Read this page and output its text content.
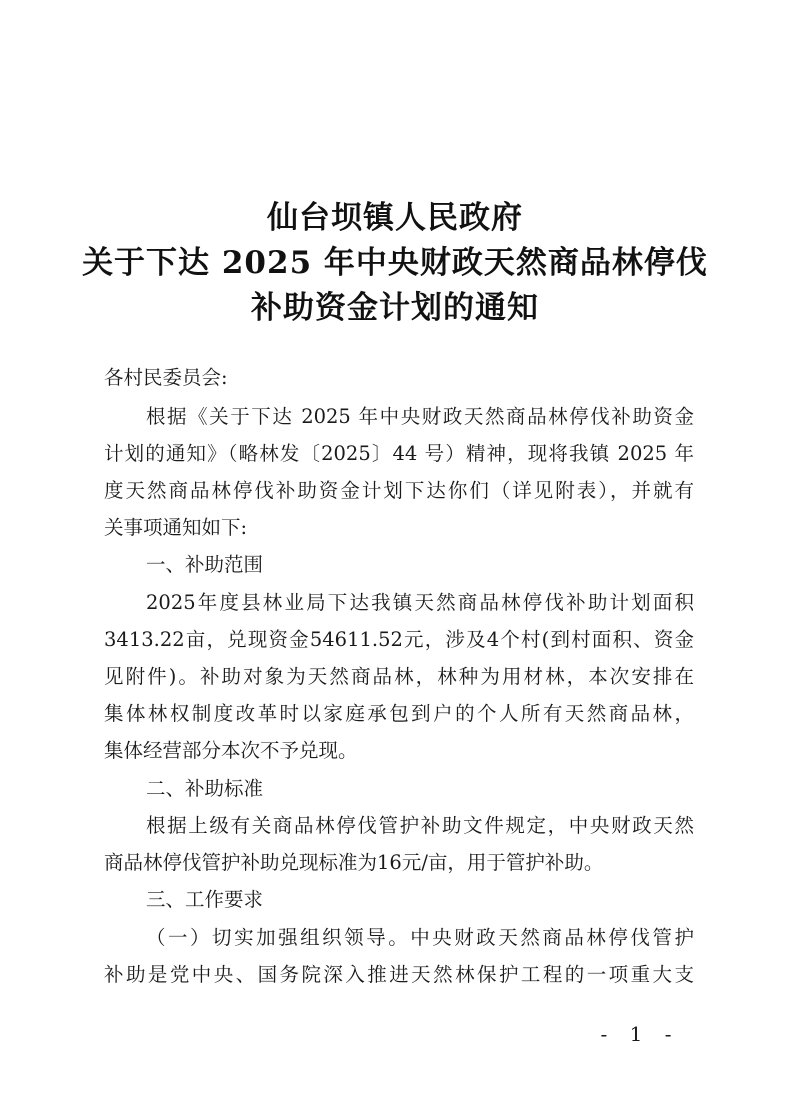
仙台坝镇人民政府
关于下达 2025 年中央财政天然商品林停伐
补助资金计划的通知
各村民委员会:
根据《关于下达 2025 年中央财政天然商品林停伐补助资金
计划的通知》（略林发〔2025〕44 号）精神，现将我镇 2025 年
度天然商品林停伐补助资金计划下达你们（详见附表），并就有
关事项通知如下:
一、补助范围
2025年度县林业局下达我镇天然商品林停伐补助计划面积
3413.22亩，兑现资金54611.52元，涉及4个村(到村面积、资金
见附件)。补助对象为天然商品林，林种为用材林，本次安排在
集体林权制度改革时以家庭承包到户的个人所有天然商品林，
集体经营部分本次不予兑现。
二、补助标准
根据上级有关商品林停伐管护补助文件规定，中央财政天然
商品林停伐管护补助兑现标准为16元/亩，用于管护补助。
三、工作要求
（一）切实加强组织领导。中央财政天然商品林停伐管护
补助是党中央、国务院深入推进天然林保护工程的一项重大支
- 1 -
